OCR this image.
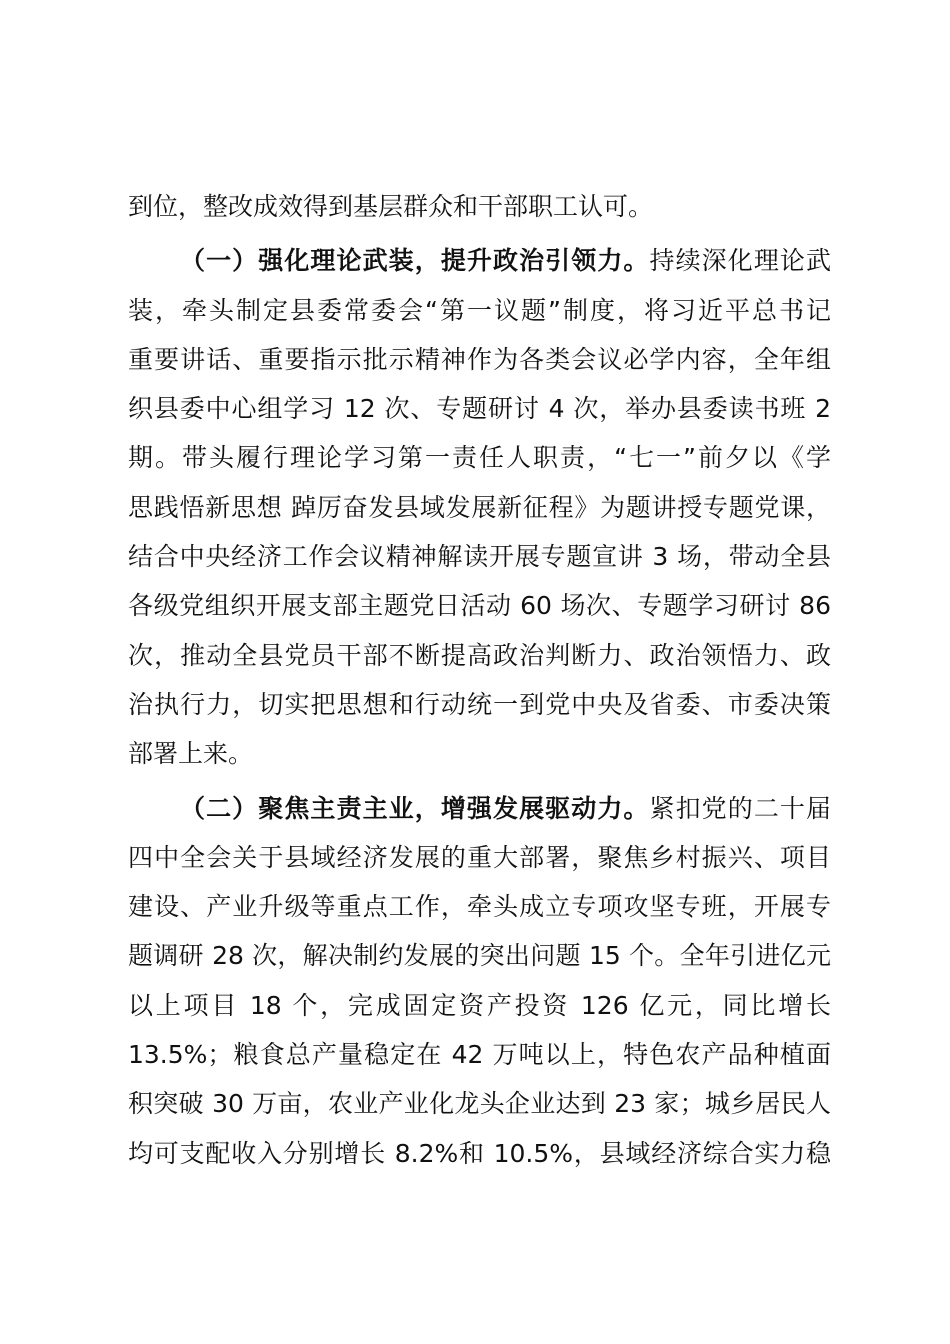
到位，整改成效得到基层群众和干部职工认可。
（一）强化理论武装，提升政治引领力。持续深化理论武
装，牵头制定县委常委会“第一议题”制度，将习近平总书记
重要讲话、重要指示批示精神作为各类会议必学内容，全年组
织县委中心组学习 12 次、专题研讨 4 次，举办县委读书班 2
期。带头履行理论学习第一责任人职责，“七一”前夕以《学
思践悟新思想 踔厉奋发县域发展新征程》为题讲授专题党课，
结合中央经济工作会议精神解读开展专题宣讲 3 场，带动全县
各级党组织开展支部主题党日活动 60 场次、专题学习研讨 86
次，推动全县党员干部不断提高政治判断力、政治领悟力、政
治执行力，切实把思想和行动统一到党中央及省委、市委决策
部署上来。
（二）聚焦主责主业，增强发展驱动力。紧扣党的二十届
四中全会关于县域经济发展的重大部署，聚焦乡村振兴、项目
建设、产业升级等重点工作，牵头成立专项攻坚专班，开展专
题调研 28 次，解决制约发展的突出问题 15 个。全年引进亿元
以上项目 18 个，完成固定资产投资 126 亿元，同比增长
13.5%；粮食总产量稳定在 42 万吨以上，特色农产品种植面
积突破 30 万亩，农业产业化龙头企业达到 23 家；城乡居民人
均可支配收入分别增长 8.2%和 10.5%，县域经济综合实力稳
